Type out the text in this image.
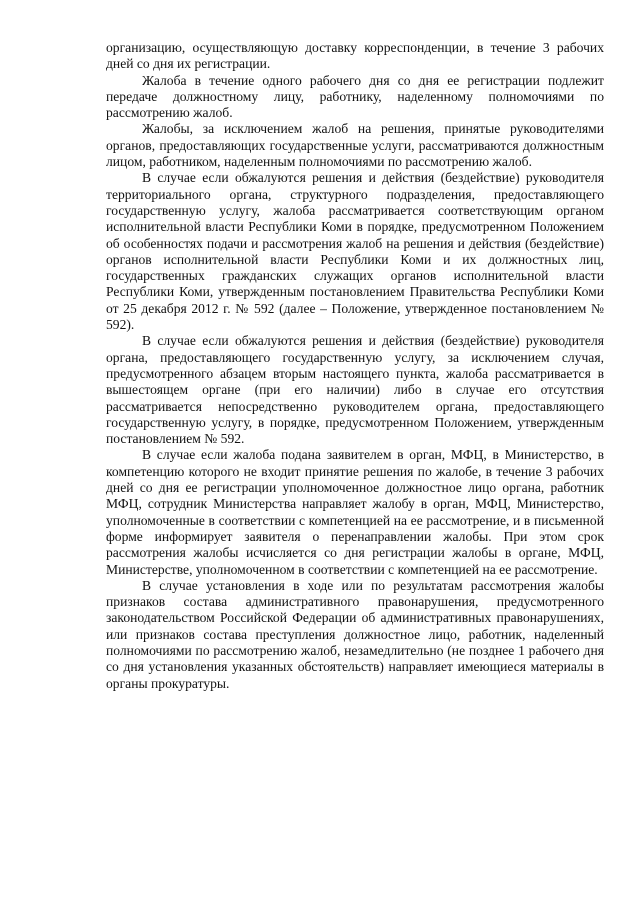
организацию, осуществляющую доставку корреспонденции, в течение 3 рабочих дней со дня их регистрации.

Жалоба в течение одного рабочего дня со дня ее регистрации подлежит передаче должностному лицу, работнику, наделенному полномочиями по рассмотрению жалоб.

Жалобы, за исключением жалоб на решения, принятые руководителями органов, предоставляющих государственные услуги, рассматриваются должностным лицом, работником, наделенным полномочиями по рассмотрению жалоб.

В случае если обжалуются решения и действия (бездействие) руководителя территориального органа, структурного подразделения, предоставляющего государственную услугу, жалоба рассматривается соответствующим органом исполнительной власти Республики Коми в порядке, предусмотренном Положением об особенностях подачи и рассмотрения жалоб на решения и действия (бездействие) органов исполнительной власти Республики Коми и их должностных лиц, государственных гражданских служащих органов исполнительной власти Республики Коми, утвержденным постановлением Правительства Республики Коми от 25 декабря 2012 г. № 592 (далее – Положение, утвержденное постановлением № 592).

В случае если обжалуются решения и действия (бездействие) руководителя органа, предоставляющего государственную услугу, за исключением случая, предусмотренного абзацем вторым настоящего пункта, жалоба рассматривается в вышестоящем органе (при его наличии) либо в случае его отсутствия рассматривается непосредственно руководителем органа, предоставляющего государственную услугу, в порядке, предусмотренном Положением, утвержденным постановлением № 592.

В случае если жалоба подана заявителем в орган, МФЦ, в Министерство, в компетенцию которого не входит принятие решения по жалобе, в течение 3 рабочих дней со дня ее регистрации уполномоченное должностное лицо органа, работник МФЦ, сотрудник Министерства направляет жалобу в орган, МФЦ, Министерство, уполномоченные в соответствии с компетенцией на ее рассмотрение, и в письменной форме информирует заявителя о перенаправлении жалобы. При этом срок рассмотрения жалобы исчисляется со дня регистрации жалобы в органе, МФЦ, Министерстве, уполномоченном в соответствии с компетенцией на ее рассмотрение.

В случае установления в ходе или по результатам рассмотрения жалобы признаков состава административного правонарушения, предусмотренного законодательством Российской Федерации об административных правонарушениях, или признаков состава преступления должностное лицо, работник, наделенный полномочиями по рассмотрению жалоб, незамедлительно (не позднее 1 рабочего дня со дня установления указанных обстоятельств) направляет имеющиеся материалы в органы прокуратуры.
